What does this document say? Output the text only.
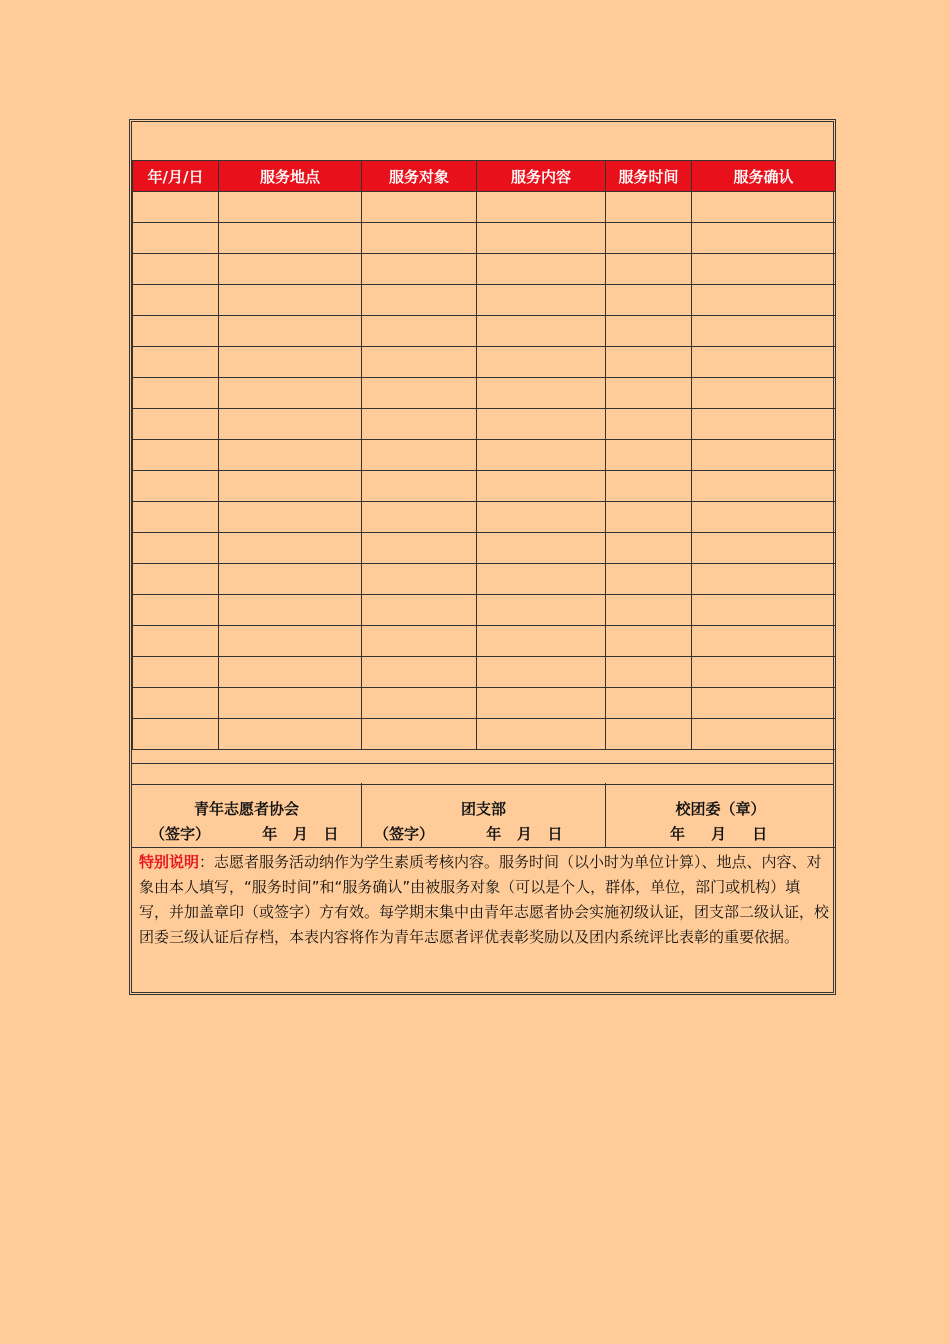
年/月/日	服务地点	服务对象	服务内容	服务时间	服务确认

青年志愿者协会
（签字）          年   月   日
团支部
（签字）          年   月   日
校团委（章）
年     月     日
特别说明：志愿者服务活动纳作为学生素质考核内容。服务时间（以小时为单位计算）、地点、内容、对象由本人填写，“服务时间”和“服务确认”由被服务对象（可以是个人，群体，单位，部门或机构）填写，并加盖章印（或签字）方有效。每学期末集中由青年志愿者协会实施初级认证，团支部二级认证，校团委三级认证后存档，本表内容将作为青年志愿者评优表彰奖励以及团内系统评比表彰的重要依据。
